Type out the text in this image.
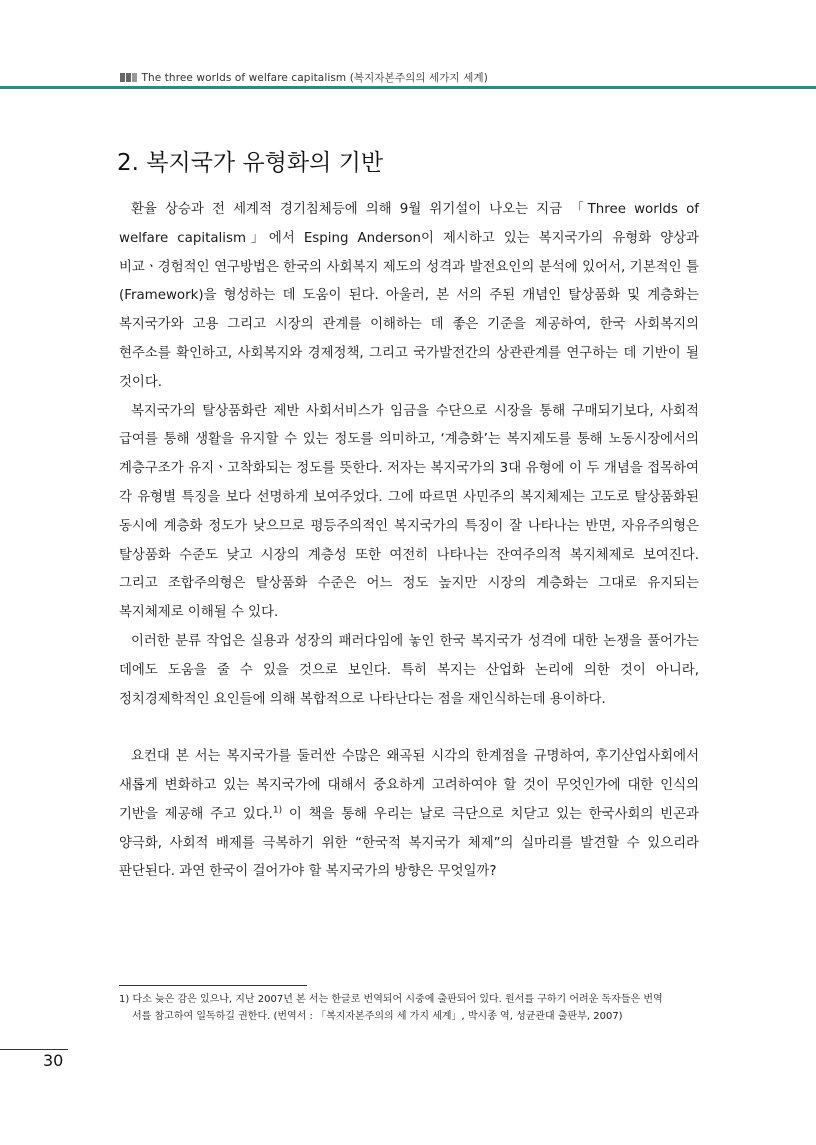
The three worlds of welfare capitalism (복지자본주의의 세가지 세계)
2. 복지국가 유형화의 기반

환율 상승과 전 세계적 경기침체등에 의해 9월 위기설이 나오는 지금 「Three worlds of welfare capitalism」에서 Esping Anderson이 제시하고 있는 복지국가의 유형화 양상과 비교ㆍ경험적인 연구방법은 한국의 사회복지 제도의 성격과 발전요인의 분석에 있어서, 기본적인 틀(Framework)을 형성하는 데 도움이 된다. 아울러, 본 서의 주된 개념인 탈상품화 및 계층화는 복지국가와 고용 그리고 시장의 관계를 이해하는 데 좋은 기준을 제공하여, 한국 사회복지의 현주소를 확인하고, 사회복지와 경제정책, 그리고 국가발전간의 상관관계를 연구하는 데 기반이 될 것이다.

복지국가의 탈상품화란 제반 사회서비스가 임금을 수단으로 시장을 통해 구매되기보다, 사회적 급여를 통해 생활을 유지할 수 있는 정도를 의미하고, ‘계층화’는 복지제도를 통해 노동시장에서의 계층구조가 유지ㆍ고착화되는 정도를 뜻한다. 저자는 복지국가의 3대 유형에 이 두 개념을 접목하여 각 유형별 특징을 보다 선명하게 보여주었다. 그에 따르면 사민주의 복지체제는 고도로 탈상품화된 동시에 계층화 정도가 낮으므로 평등주의적인 복지국가의 특징이 잘 나타나는 반면, 자유주의형은 탈상품화 수준도 낮고 시장의 계층성 또한 여전히 나타나는 잔여주의적 복지체제로 보여진다. 그리고 조합주의형은 탈상품화 수준은 어느 정도 높지만 시장의 계층화는 그대로 유지되는 복지체제로 이해될 수 있다.

이러한 분류 작업은 실용과 성장의 패러다임에 놓인 한국 복지국가 성격에 대한 논쟁을 풀어가는 데에도 도움을 줄 수 있을 것으로 보인다. 특히 복지는 산업화 논리에 의한 것이 아니라, 정치경제학적인 요인들에 의해 복합적으로 나타난다는 점을 재인식하는데 용이하다.

요컨대 본 서는 복지국가를 둘러싼 수많은 왜곡된 시각의 한계점을 규명하여, 후기산업사회에서 새롭게 변화하고 있는 복지국가에 대해서 중요하게 고려하여야 할 것이 무엇인가에 대한 인식의 기반을 제공해 주고 있다.$^{1)}$ 이 책을 통해 우리는 날로 극단으로 치닫고 있는 한국사회의 빈곤과 양극화, 사회적 배제를 극복하기 위한 “한국적 복지국가 체제”의 실마리를 발견할 수 있으리라 판단된다. 과연 한국이 걸어가야 할 복지국가의 방향은 무엇일까?

1) 다소 늦은 감은 있으나, 지난 2007년 본 서는 한글로 번역되어 시중에 출판되어 있다. 원서를 구하기 어려운 독자들은 번역
서를 참고하여 일독하길 권한다. (번역서 : 「복지자본주의의 세 가지 세계」, 박시종 역, 성균관대 출판부, 2007)
30
